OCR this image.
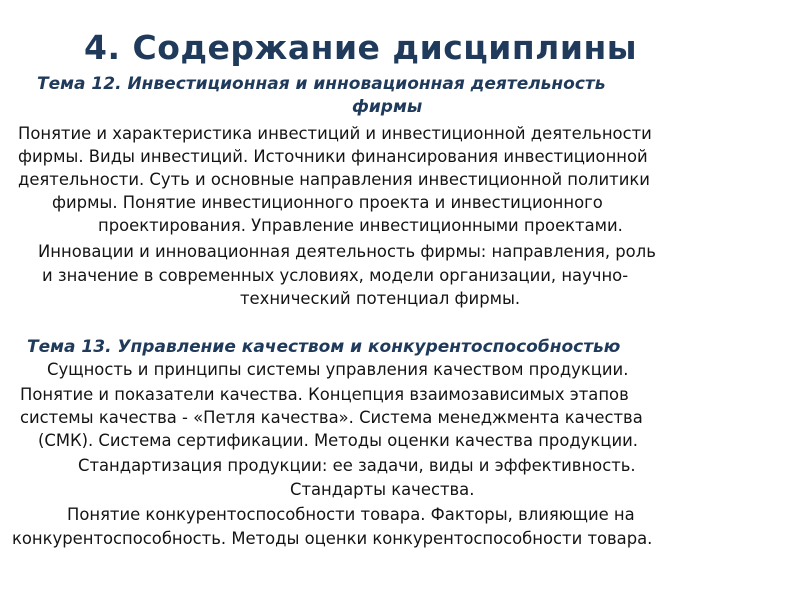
4. Содержание дисциплины
Тема 12. Инвестиционная и инновационная деятельность
фирмы
Понятие и характеристика инвестиций и инвестиционной деятельности
фирмы. Виды инвестиций. Источники финансирования инвестиционной
деятельности. Суть и основные направления инвестиционной политики
фирмы. Понятие инвестиционного проекта и инвестиционного
проектирования. Управление инвестиционными проектами.
Инновации и инновационная деятельность фирмы: направления, роль
и значение в современных условиях, модели организации, научно-
технический потенциал фирмы.
Тема 13. Управление качеством и конкурентоспособностью
Сущность и принципы системы управления качеством продукции.
Понятие и показатели качества. Концепция взаимозависимых этапов
системы качества - «Петля качества». Система менеджмента качества
(СМК). Система сертификации. Методы оценки качества продукции.
Стандартизация продукции: ее задачи, виды и эффективность.
Стандарты качества.
Понятие конкурентоспособности товара. Факторы, влияющие на
конкурентоспособность. Методы оценки конкурентоспособности товара.
